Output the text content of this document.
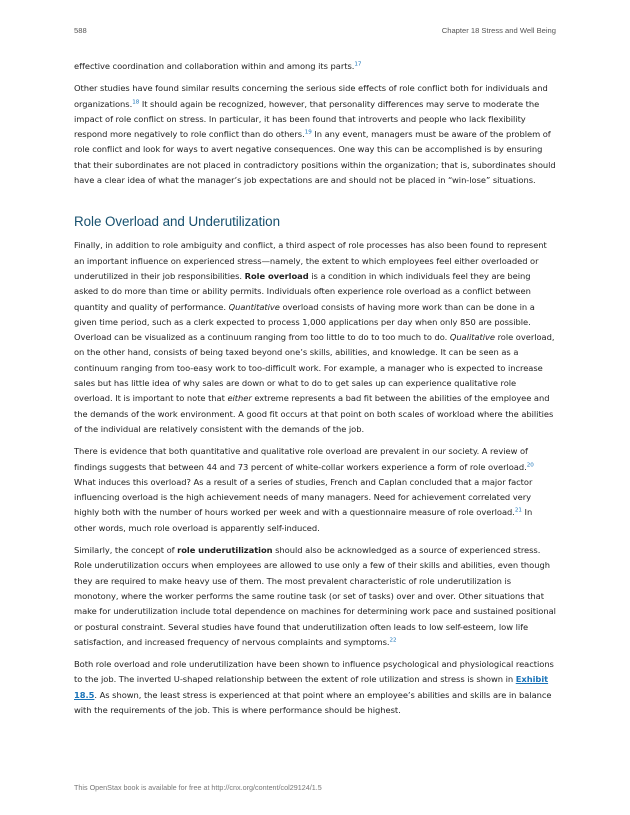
588	Chapter 18 Stress and Well Being

effective coordination and collaboration within and among its parts.$^{17}$

Other studies have found similar results concerning the serious side effects of role conflict both for individuals and organizations.$^{18}$ It should again be recognized, however, that personality differences may serve to moderate the impact of role conflict on stress. In particular, it has been found that introverts and people who lack flexibility respond more negatively to role conflict than do others.$^{19}$ In any event, managers must be aware of the problem of role conflict and look for ways to avert negative consequences. One way this can be accomplished is by ensuring that their subordinates are not placed in contradictory positions within the organization; that is, subordinates should have a clear idea of what the manager’s job expectations are and should not be placed in “win-lose” situations.

Role Overload and Underutilization

Finally, in addition to role ambiguity and conflict, a third aspect of role processes has also been found to represent an important influence on experienced stress—namely, the extent to which employees feel either overloaded or underutilized in their job responsibilities. Role overload is a condition in which individuals feel they are being asked to do more than time or ability permits. Individuals often experience role overload as a conflict between quantity and quality of performance. Quantitative overload consists of having more work than can be done in a given time period, such as a clerk expected to process 1,000 applications per day when only 850 are possible. Overload can be visualized as a continuum ranging from too little to do to too much to do. Qualitative role overload, on the other hand, consists of being taxed beyond one’s skills, abilities, and knowledge. It can be seen as a continuum ranging from too-easy work to too-difficult work. For example, a manager who is expected to increase sales but has little idea of why sales are down or what to do to get sales up can experience qualitative role overload. It is important to note that either extreme represents a bad fit between the abilities of the employee and the demands of the work environment. A good fit occurs at that point on both scales of workload where the abilities of the individual are relatively consistent with the demands of the job.

There is evidence that both quantitative and qualitative role overload are prevalent in our society. A review of findings suggests that between 44 and 73 percent of white-collar workers experience a form of role overload.$^{20}$ What induces this overload? As a result of a series of studies, French and Caplan concluded that a major factor influencing overload is the high achievement needs of many managers. Need for achievement correlated very highly both with the number of hours worked per week and with a questionnaire measure of role overload.$^{21}$ In other words, much role overload is apparently self-induced.

Similarly, the concept of role underutilization should also be acknowledged as a source of experienced stress. Role underutilization occurs when employees are allowed to use only a few of their skills and abilities, even though they are required to make heavy use of them. The most prevalent characteristic of role underutilization is monotony, where the worker performs the same routine task (or set of tasks) over and over. Other situations that make for underutilization include total dependence on machines for determining work pace and sustained positional or postural constraint. Several studies have found that underutilization often leads to low self-esteem, low life satisfaction, and increased frequency of nervous complaints and symptoms.$^{22}$

Both role overload and role underutilization have been shown to influence psychological and physiological reactions to the job. The inverted U-shaped relationship between the extent of role utilization and stress is shown in Exhibit 18.5. As shown, the least stress is experienced at that point where an employee’s abilities and skills are in balance with the requirements of the job. This is where performance should be highest.

This OpenStax book is available for free at http://cnx.org/content/col29124/1.5
